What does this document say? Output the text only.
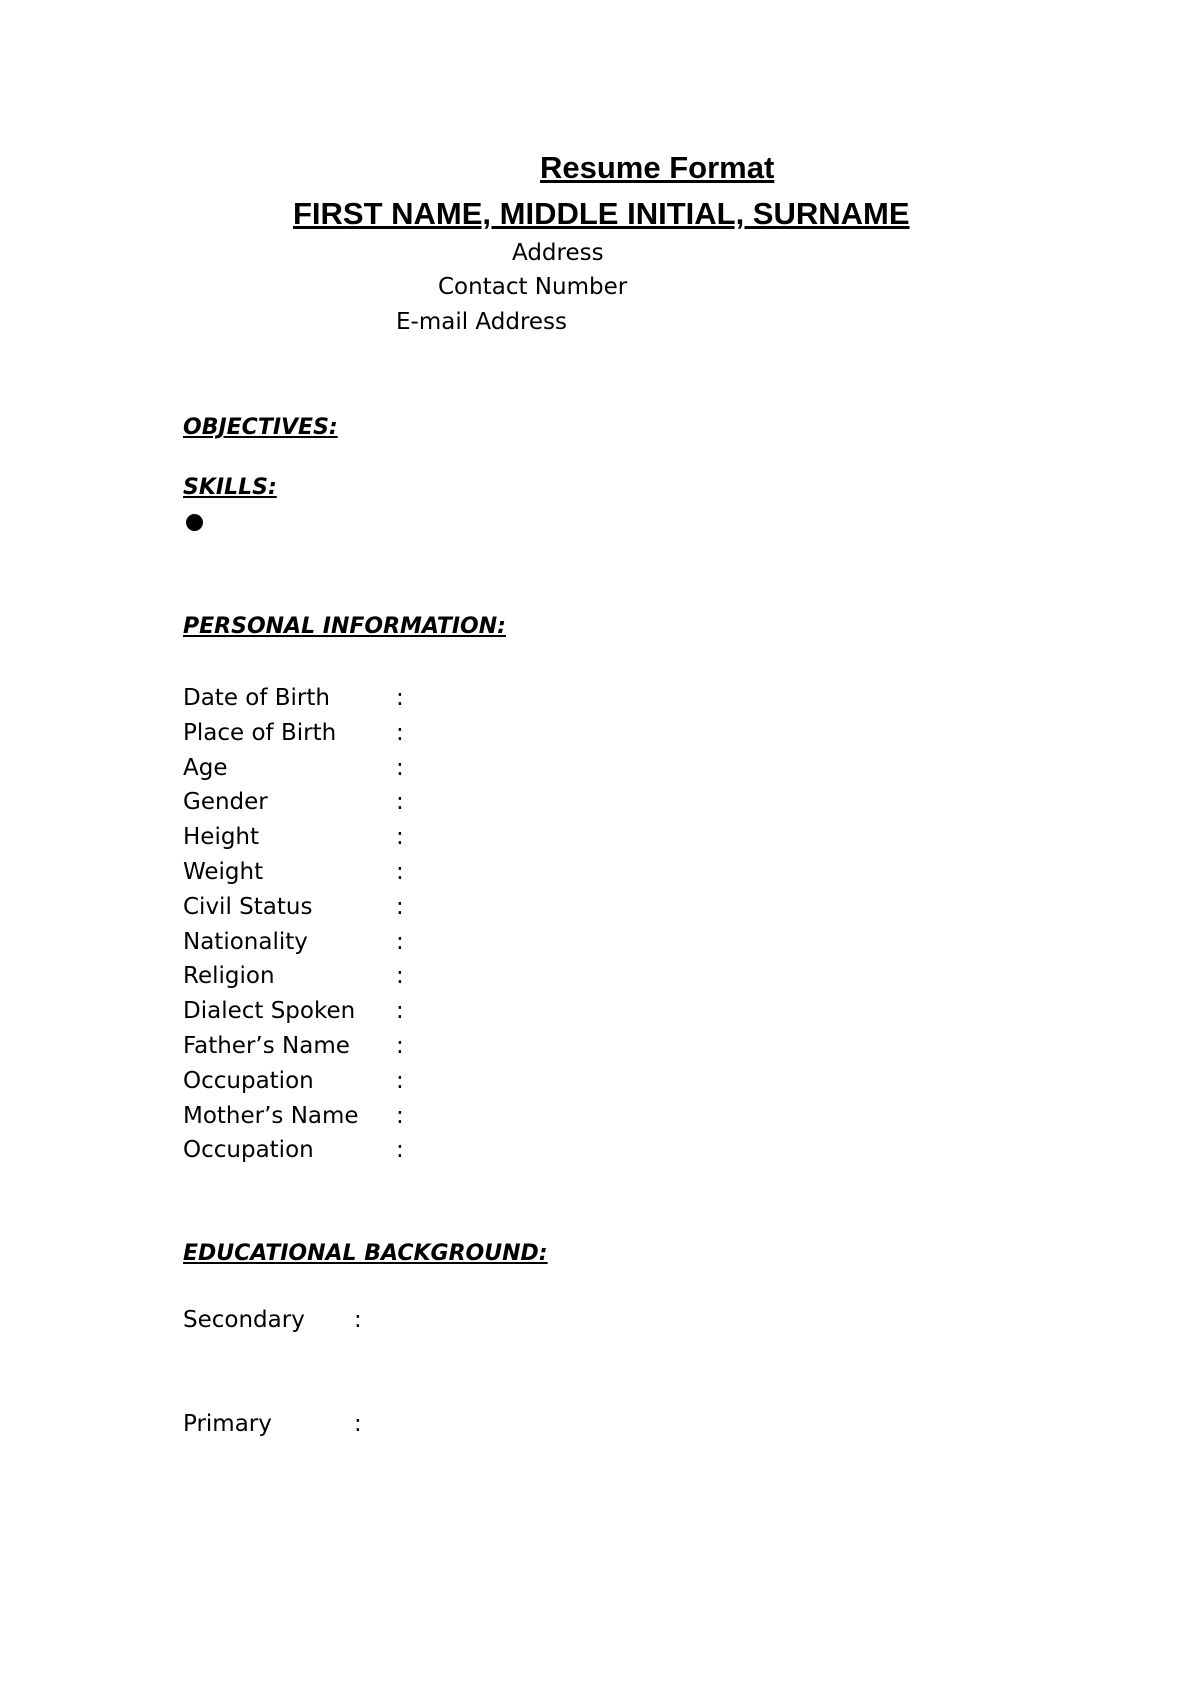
Resume Format
FIRST NAME, MIDDLE INITIAL, SURNAME
Address
Contact Number
E-mail Address
OBJECTIVES:
SKILLS:
PERSONAL INFORMATION:
Date of Birth	:
Place of Birth	:
Age	:
Gender	:
Height	:
Weight	:
Civil Status	:
Nationality	:
Religion	:
Dialect Spoken :
Father’s Name :
Occupation	:
Mother’s Name :
Occupation	:
EDUCATIONAL BACKGROUND:
Secondary :
Primary	:
